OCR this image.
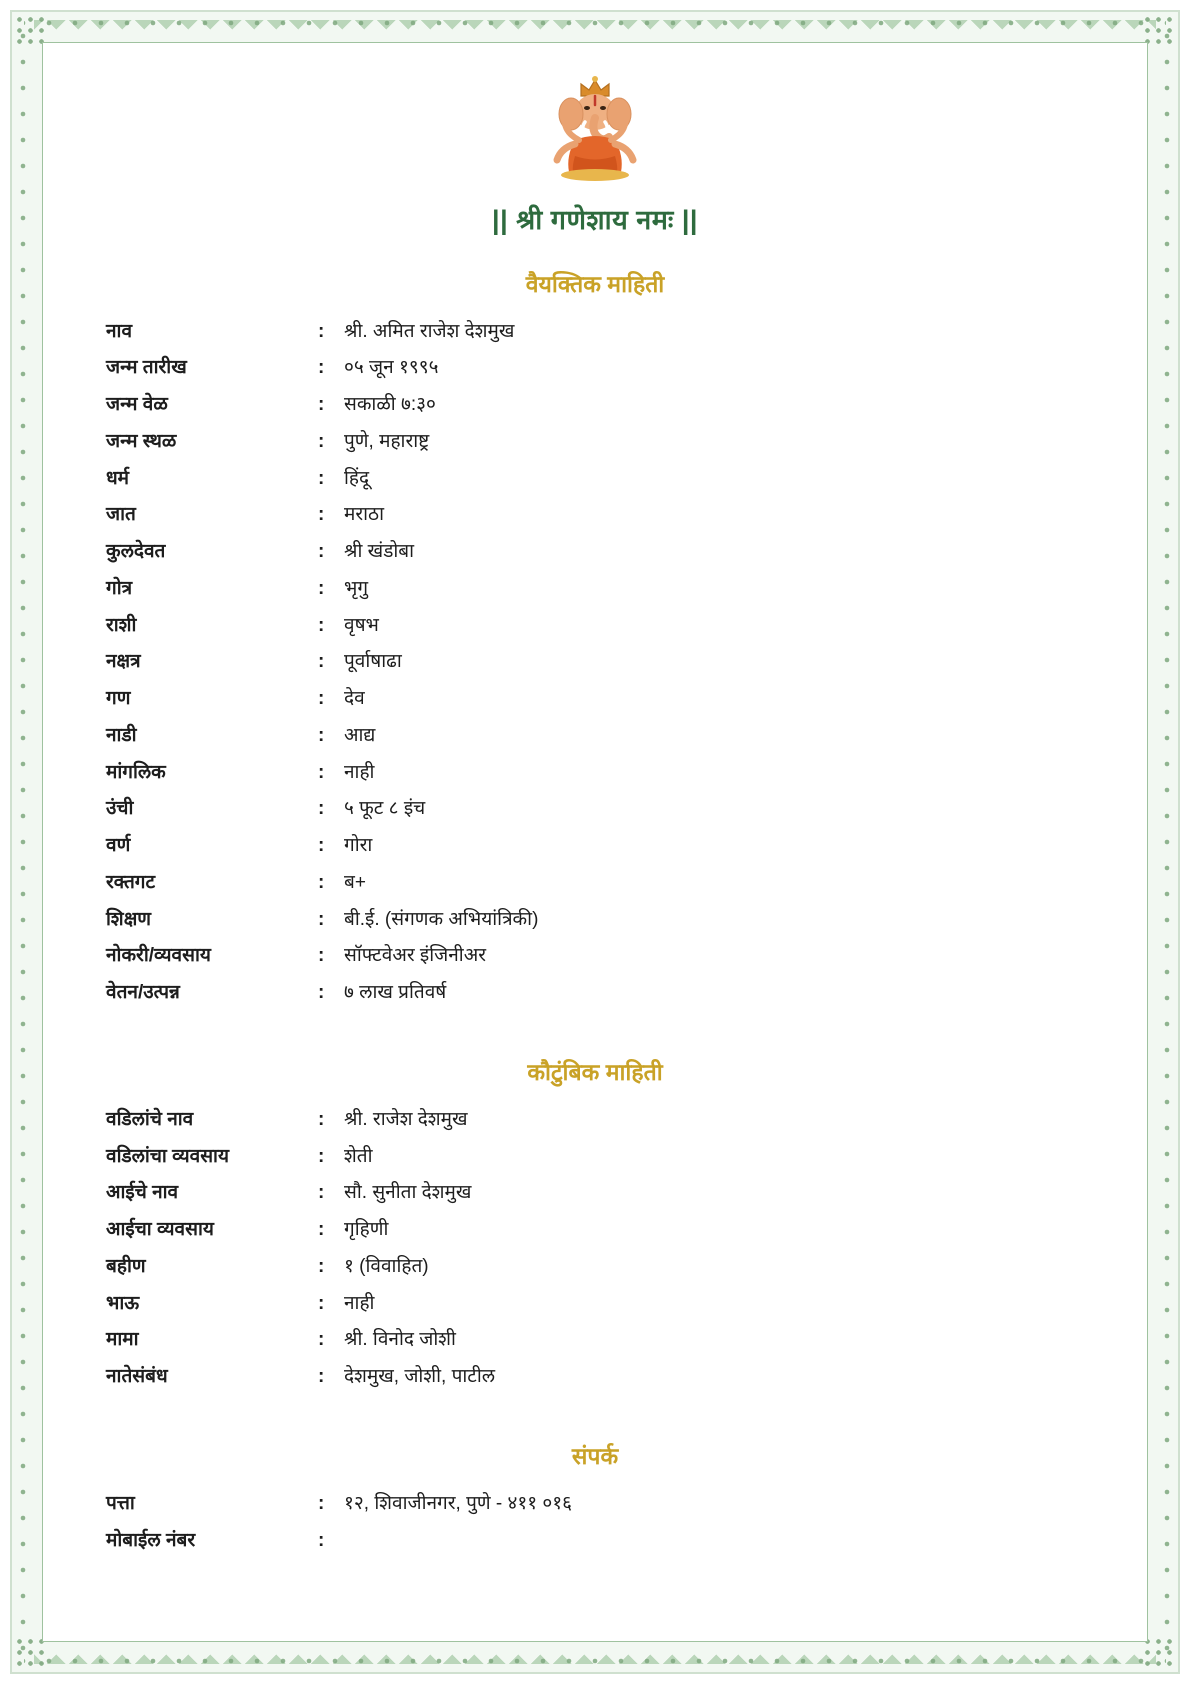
|| श्री गणेशाय नमः ||
वैयक्तिक माहिती
नाव	:	श्री. अमित राजेश देशमुख
जन्म तारीख	:	०५ जून १९९५
जन्म वेळ	:	सकाळी ७:३०
जन्म स्थळ	:	पुणे, महाराष्ट्र
धर्म	:	हिंदू
जात	:	मराठा
कुलदेवत	:	श्री खंडोबा
गोत्र	:	भृगु
राशी	:	वृषभ
नक्षत्र	:	पूर्वाषाढा
गण	:	देव
नाडी	:	आद्य
मांगलिक	:	नाही
उंची	:	५ फूट ८ इंच
वर्ण	:	गोरा
रक्तगट	:	ब+
शिक्षण	:	बी.ई. (संगणक अभियांत्रिकी)
नोकरी/व्यवसाय	:	सॉफ्टवेअर इंजिनीअर
वेतन/उत्पन्न	:	७ लाख प्रतिवर्ष
कौटुंबिक माहिती
वडिलांचे नाव	:	श्री. राजेश देशमुख
वडिलांचा व्यवसाय	:	शेती
आईचे नाव	:	सौ. सुनीता देशमुख
आईचा व्यवसाय	:	गृहिणी
बहीण	:	१ (विवाहित)
भाऊ	:	नाही
मामा	:	श्री. विनोद जोशी
नातेसंबंध	:	देशमुख, जोशी, पाटील
संपर्क
पत्ता	:	१२, शिवाजीनगर, पुणे - ४११ ०१६
मोबाईल नंबर	:	
